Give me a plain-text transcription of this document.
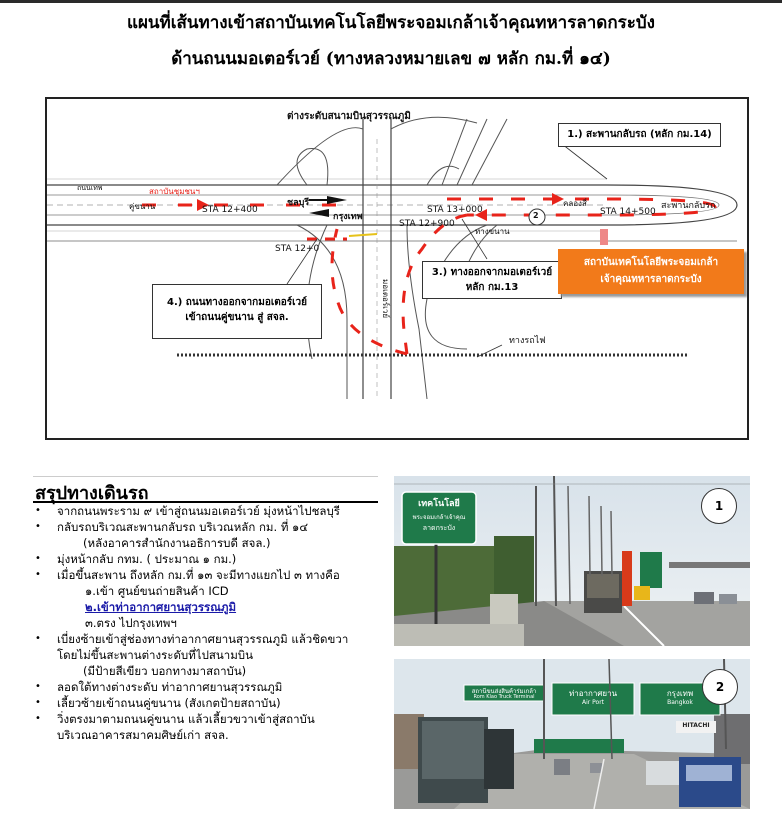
แผนที่เส้นทางเข้าสถาบันเทคโนโลยีพระจอมเกล้าเจ้าคุณทหารลาดกระบัง
ด้านถนนมอเตอร์เวย์ (ทางหลวงหมายเลข ๗ หลัก กม.ที่ ๑๔)
ต่างระดับสนามบินสุวรรณภูมิ
1.) สะพานกลับรถ (หลัก กม.14)
3.) ทางออกจากมอเตอร์เวย์
หลัก กม.13
4.) ถนนทางออกจากมอเตอร์เวย์
เข้าถนนคู่ขนาน สู่ สจล.
สถาบันเทคโนโลยีพระจอมเกล้า
เจ้าคุณทหารลาดกระบัง
STA 12+400	STA 13+000
STA 12+900
STA 12+0
STA 14+500
ชลบุรี
กรุงเทพ
สะพานกลับรถ
มอเตอร์เวย์
ทางรถไฟ
2
คลองสี่
ทางขนาน
ถนนเทพ
คู่ขนาน
สถาบันชุมชนฯ
สรุปทางเดินรถ
•	จากถนนพระราม ๙ เข้าสู่ถนนมอเตอร์เวย์ มุ่งหน้าไปชลบุรี
•	กลับรถบริเวณสะพานกลับรถ บริเวณหลัก กม. ที่ ๑๔
(หลังอาคารสำนักงานอธิการบดี สจล.)
•	มุ่งหน้ากลับ กทม. ( ประมาณ ๑ กม.)
•	เมื่อขึ้นสะพาน ถึงหลัก กม.ที่ ๑๓ จะมีทางแยกไป ๓ ทางคือ
๑.เข้า ศูนย์ขนถ่ายสินค้า ICD
๒.เข้าท่าอากาศยานสุวรรณภูมิ
๓.ตรง ไปกรุงเทพฯ
•	เบี่ยงซ้ายเข้าสู่ช่องทางท่าอากาศยานสุวรรณภูมิ แล้วชิดขวา
โดยไม่ขึ้นสะพานต่างระดับที่ไปสนามบิน
(มีป้ายสีเขียว บอกทางมาสถาบัน)
•	ลอดใต้ทางต่างระดับ ท่าอากาศยานสุวรรณภูมิ
•	เลี้ยวซ้ายเข้าถนนคู่ขนาน (สังเกตป้ายสถาบัน)
•	วิ่งตรงมาตามถนนคู่ขนาน แล้วเลี้ยวขวาเข้าสู่สถาบัน
บริเวณอาคารสมาคมศิษย์เก่า สจล.
เทคโนโลยี
พระจอมเกล้าเจ้าคุณ
ลาดกระบัง
1
สถานีขนส่งสินค้าร่มเกล้า
Rom Klao Truck Terminal	ท่าอากาศยาน
Air Port
กรุงเทพ
Bangkok
HITACHI
2
